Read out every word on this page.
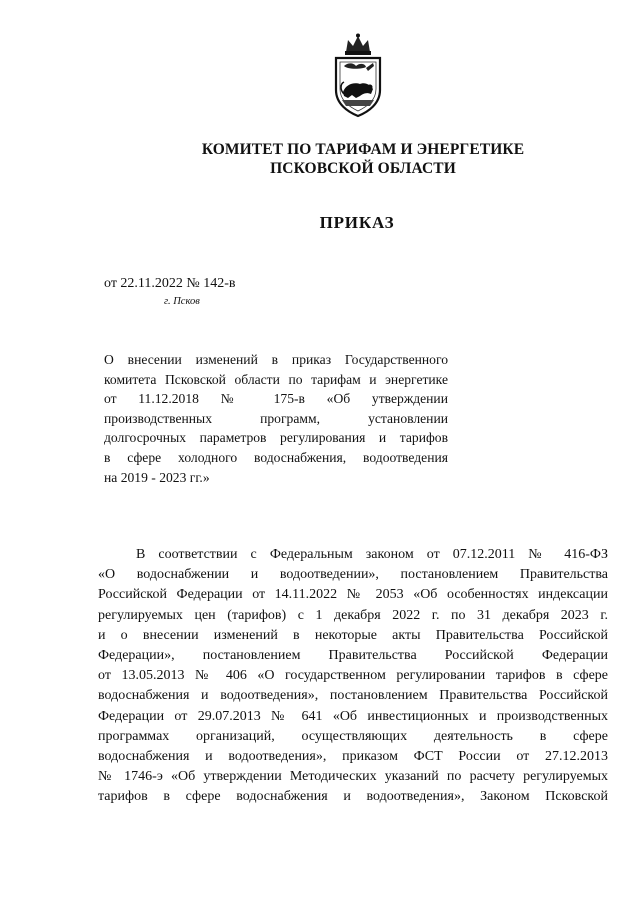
КОМИТЕТ ПО ТАРИФАМ И ЭНЕРГЕТИКЕ
ПСКОВСКОЙ ОБЛАСТИ
ПРИКАЗ
от 22.11.2022 № 142-в
г. Псков
О внесении изменений в приказ Государственного
комитета Псковской области по тарифам и энергетике
от 11.12.2018 № 175-в «Об утверждении
производственных программ, установлении
долгосрочных параметров регулирования и тарифов
в сфере холодного водоснабжения, водоотведения
на 2019 - 2023 гг.»
В соответствии с Федеральным законом от 07.12.2011 № 416-ФЗ
«О водоснабжении и водоотведении», постановлением Правительства
Российской Федерации от 14.11.2022 № 2053 «Об особенностях индексации
регулируемых цен (тарифов) с 1 декабря 2022 г. по 31 декабря 2023 г.
и о внесении изменений в некоторые акты Правительства Российской
Федерации», постановлением Правительства Российской Федерации
от 13.05.2013 № 406 «О государственном регулировании тарифов в сфере
водоснабжения и водоотведения», постановлением Правительства Российской
Федерации от 29.07.2013 № 641 «Об инвестиционных и производственных
программах организаций, осуществляющих деятельность в сфере
водоснабжения и водоотведения», приказом ФСТ России от 27.12.2013
№ 1746-э «Об утверждении Методических указаний по расчету регулируемых
тарифов в сфере водоснабжения и водоотведения», Законом Псковской
